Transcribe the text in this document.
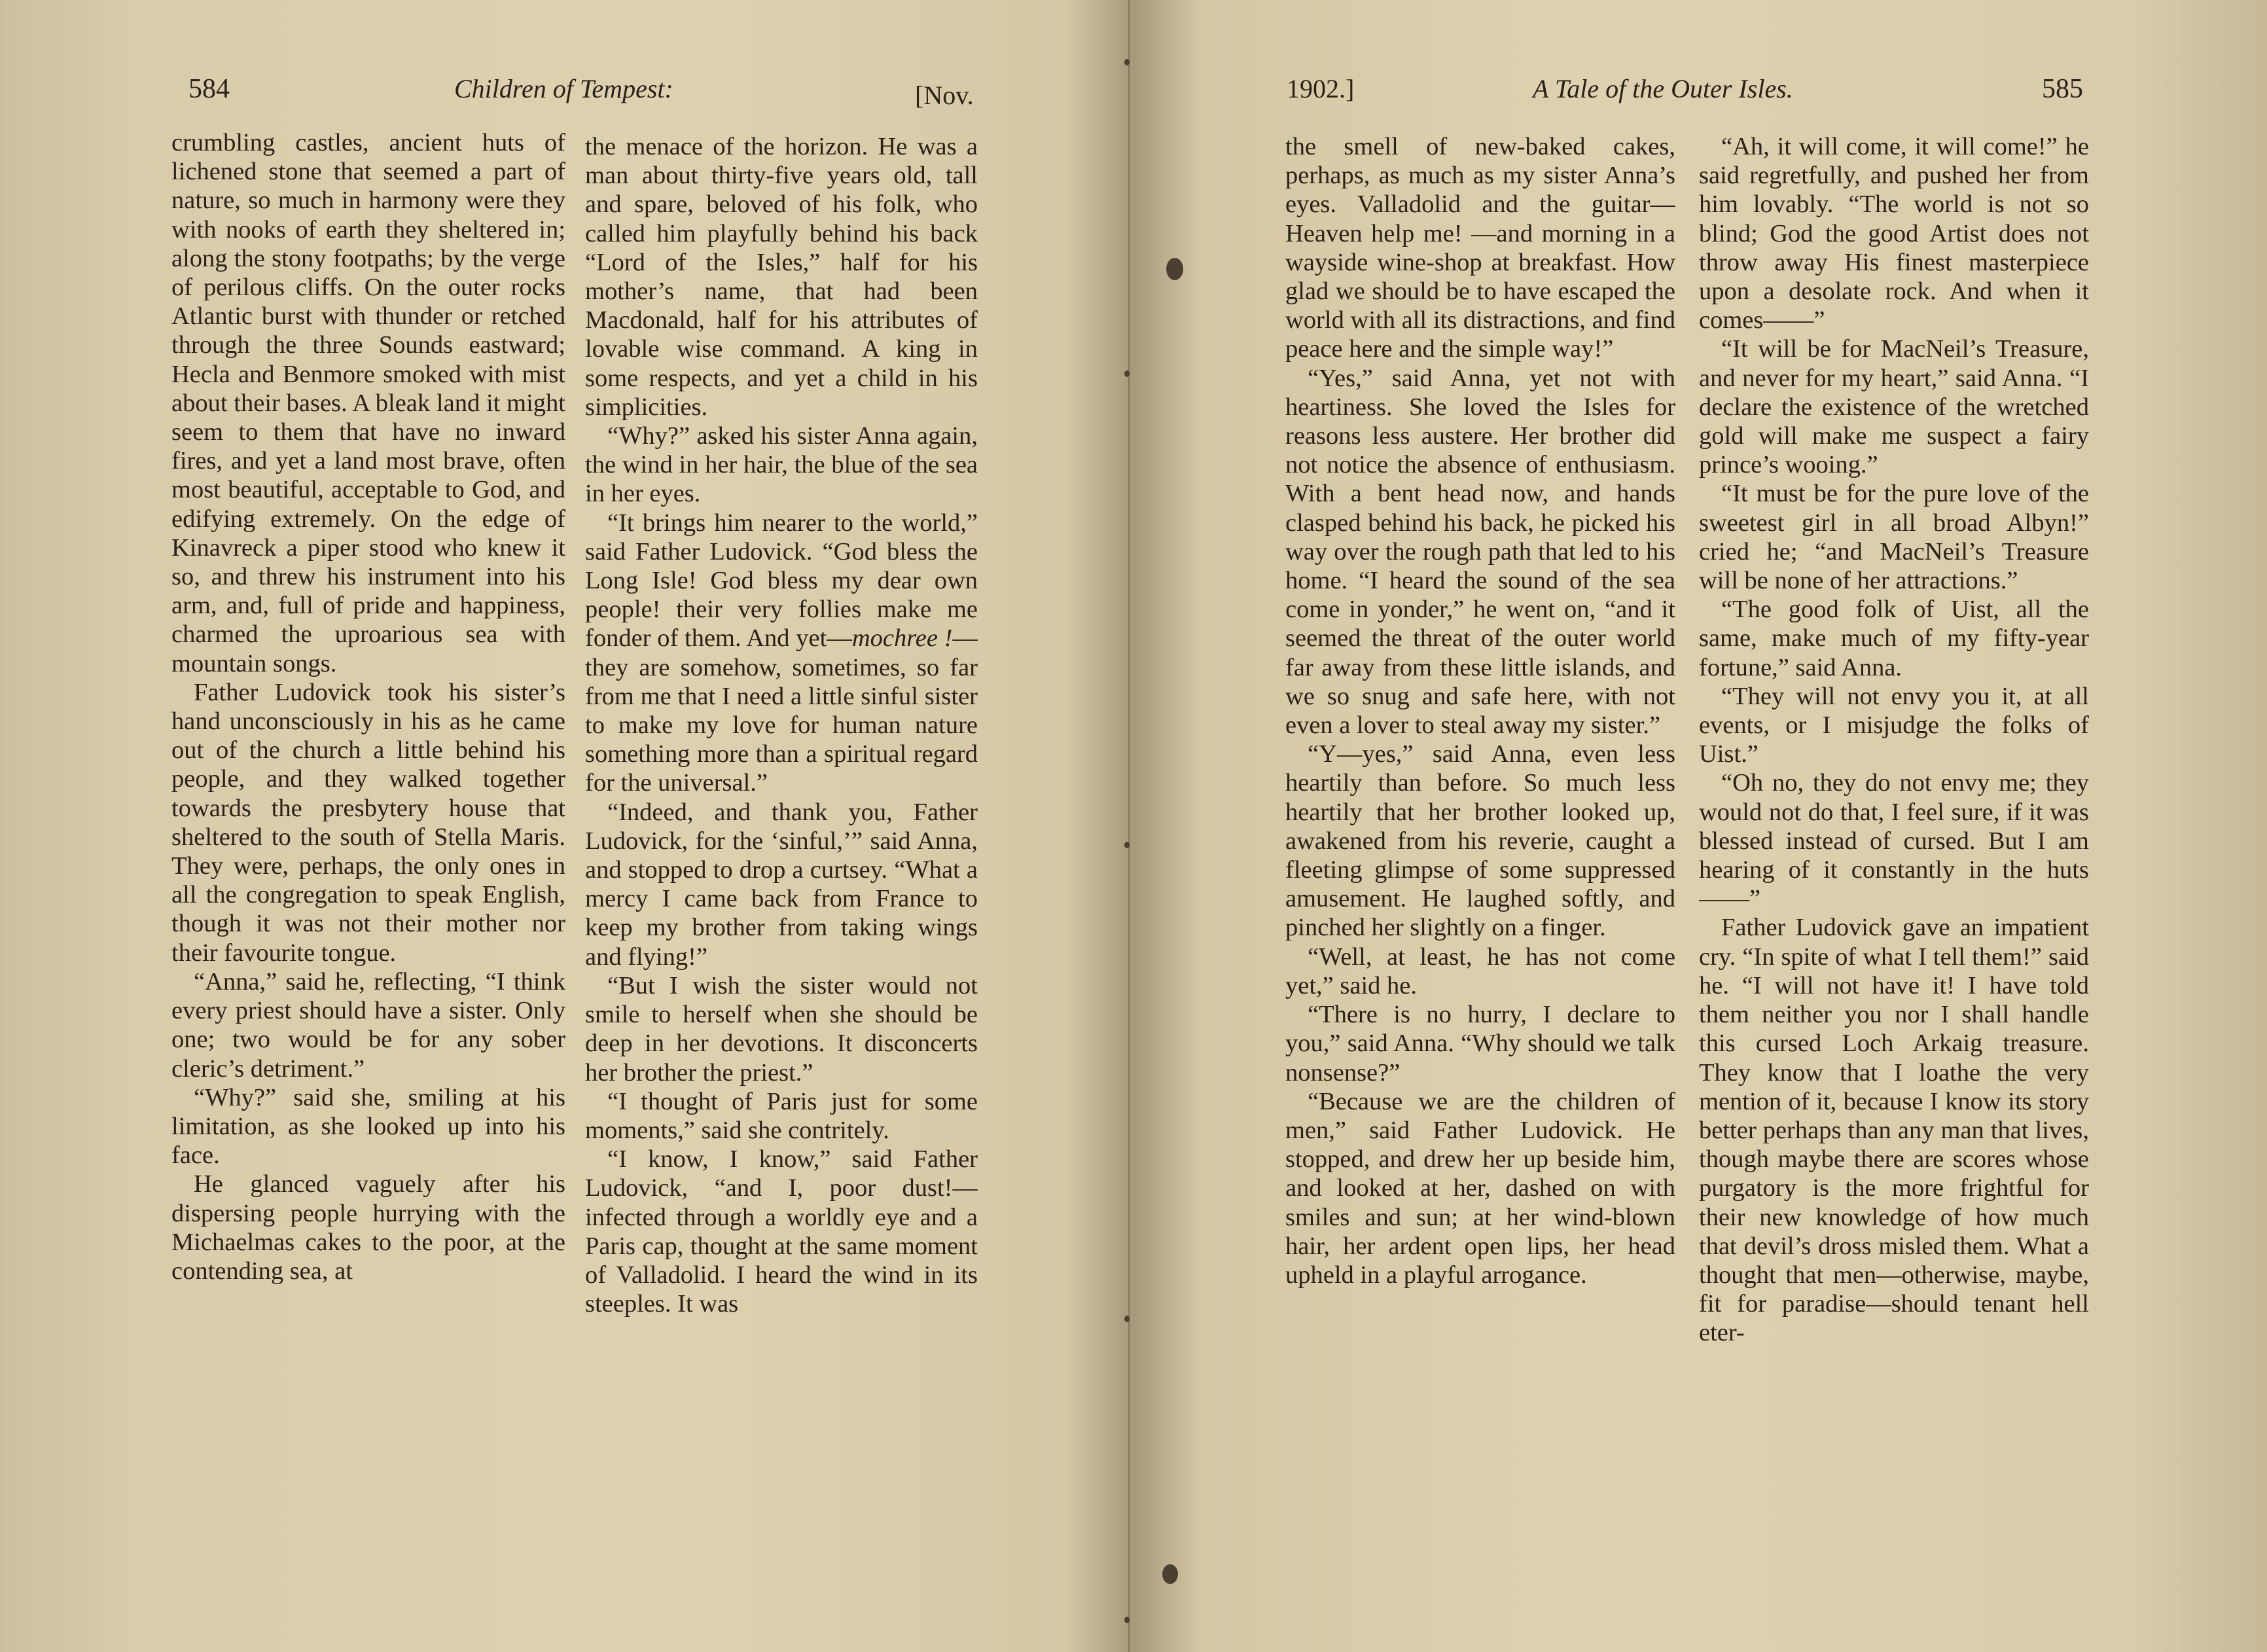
584	Children of Tempest:	[Nov.

crumbling castles, ancient huts of lichened stone that seemed a part of nature, so much in harmony were they with nooks of earth they sheltered in; along the stony footpaths; by the verge of perilous cliffs. On the outer rocks Atlantic burst with thunder or retched through the three Sounds eastward; Hecla and Benmore smoked with mist about their bases. A bleak land it might seem to them that have no inward fires, and yet a land most brave, often most beautiful, acceptable to God, and edifying extremely. On the edge of Kinavreck a piper stood who knew it so, and threw his instrument into his arm, and, full of pride and happiness, charmed the uproarious sea with mountain songs.

Father Ludovick took his sister’s hand unconsciously in his as he came out of the church a little behind his people, and they walked together towards the presbytery house that sheltered to the south of Stella Maris. They were, perhaps, the only ones in all the congregation to speak English, though it was not their mother nor their favourite tongue.

“Anna,” said he, reflecting, “I think every priest should have a sister. Only one; two would be for any sober cleric’s detriment.”

“Why?” said she, smiling at his limitation, as she looked up into his face.

He glanced vaguely after his dispersing people hurrying with the Michaelmas cakes to the poor, at the contending sea, at

the menace of the horizon. He was a man about thirty-five years old, tall and spare, beloved of his folk, who called him playfully behind his back “Lord of the Isles,” half for his mother’s name, that had been Macdonald, half for his attributes of lovable wise command. A king in some respects, and yet a child in his simplicities.

“Why?” asked his sister Anna again, the wind in her hair, the blue of the sea in her eyes.

“It brings him nearer to the world,” said Father Ludovick. “God bless the Long Isle! God bless my dear own people! their very follies make me fonder of them. And yet—mochree !—they are somehow, sometimes, so far from me that I need a little sinful sister to make my love for human nature something more than a spiritual regard for the universal.”

“Indeed, and thank you, Father Ludovick, for the ‘sinful,’” said Anna, and stopped to drop a curtsey. “What a mercy I came back from France to keep my brother from taking wings and flying!”

“But I wish the sister would not smile to herself when she should be deep in her devotions. It disconcerts her brother the priest.”

“I thought of Paris just for some moments,” said she contritely.

“I know, I know,” said Father Ludovick, “and I, poor dust!—infected through a worldly eye and a Paris cap, thought at the same moment of Valladolid. I heard the wind in its steeples. It was

1902.]	A Tale of the Outer Isles.	585

the smell of new-baked cakes, perhaps, as much as my sister Anna’s eyes. Valladolid and the guitar—Heaven help me! —and morning in a wayside wine-shop at breakfast. How glad we should be to have escaped the world with all its distractions, and find peace here and the simple way!”

“Yes,” said Anna, yet not with heartiness. She loved the Isles for reasons less austere. Her brother did not notice the absence of enthusiasm. With a bent head now, and hands clasped behind his back, he picked his way over the rough path that led to his home. “I heard the sound of the sea come in yonder,” he went on, “and it seemed the threat of the outer world far away from these little islands, and we so snug and safe here, with not even a lover to steal away my sister.”

“Y—yes,” said Anna, even less heartily than before. So much less heartily that her brother looked up, awakened from his reverie, caught a fleeting glimpse of some suppressed amusement. He laughed softly, and pinched her slightly on a finger.

“Well, at least, he has not come yet,” said he.

“There is no hurry, I declare to you,” said Anna. “Why should we talk nonsense?”

“Because we are the children of men,” said Father Ludovick. He stopped, and drew her up beside him, and looked at her, dashed on with smiles and sun; at her wind-blown hair, her ardent open lips, her head upheld in a playful arrogance.

“Ah, it will come, it will come!” he said regretfully, and pushed her from him lovably. “The world is not so blind; God the good Artist does not throw away His finest masterpiece upon a desolate rock. And when it comes——”

“It will be for MacNeil’s Treasure, and never for my heart,” said Anna. “I declare the existence of the wretched gold will make me suspect a fairy prince’s wooing.”

“It must be for the pure love of the sweetest girl in all broad Albyn!” cried he; “and MacNeil’s Treasure will be none of her attractions.”

“The good folk of Uist, all the same, make much of my fifty-year fortune,” said Anna.

“They will not envy you it, at all events, or I misjudge the folks of Uist.”

“Oh no, they do not envy me; they would not do that, I feel sure, if it was blessed instead of cursed. But I am hearing of it constantly in the huts——”

Father Ludovick gave an impatient cry. “In spite of what I tell them!” said he. “I will not have it! I have told them neither you nor I shall handle this cursed Loch Arkaig treasure. They know that I loathe the very mention of it, because I know its story better perhaps than any man that lives, though maybe there are scores whose purgatory is the more frightful for their new knowledge of how much that devil’s dross misled them. What a thought that men—otherwise, maybe, fit for paradise—should tenant hell eter-
